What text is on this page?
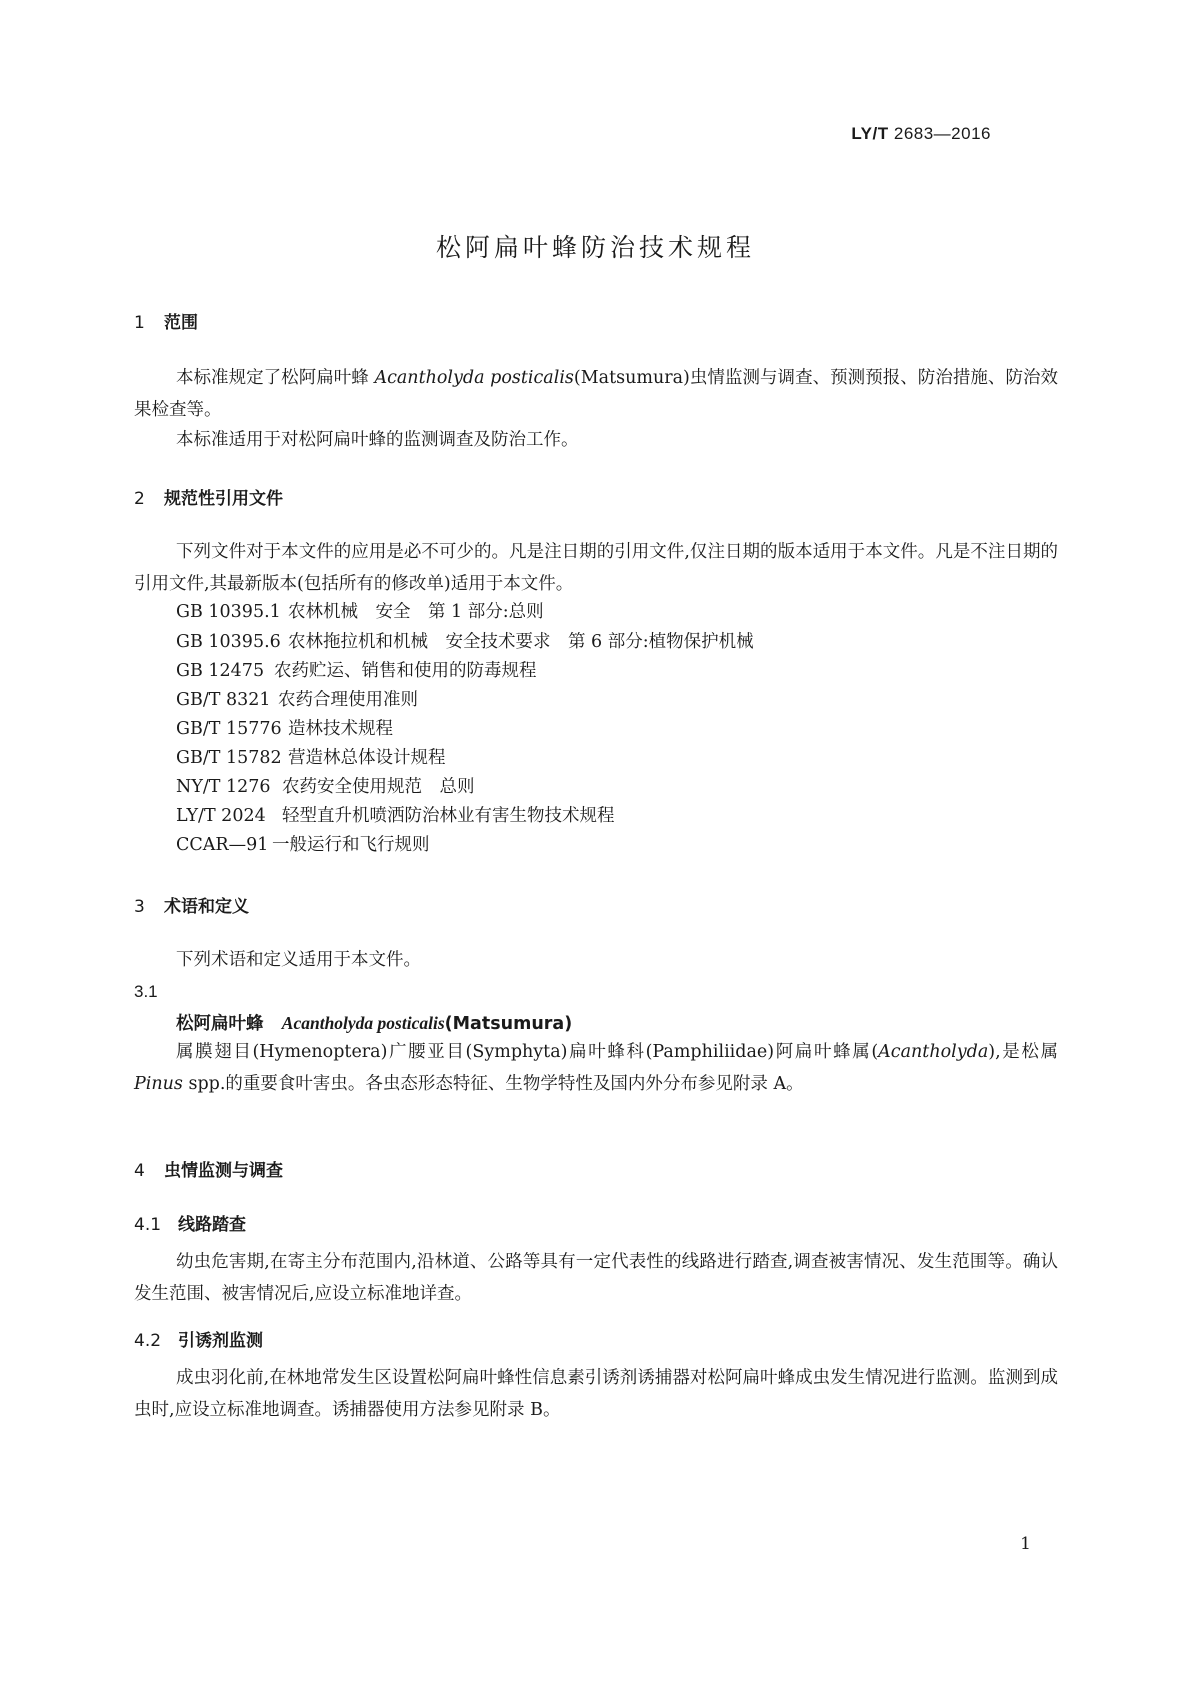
LY/T 2683—2016
松阿扁叶蜂防治技术规程
1 范围
本标准规定了松阿扁叶蜂 Acantholyda posticalis(Matsumura)虫情监测与调查、预测预报、防治措施、防治效果检查等。
本标准适用于对松阿扁叶蜂的监测调查及防治工作。
2 规范性引用文件
下列文件对于本文件的应用是必不可少的。凡是注日期的引用文件,仅注日期的版本适用于本文件。凡是不注日期的引用文件,其最新版本(包括所有的修改单)适用于本文件。
GB 10395.1 农林机械　安全　第 1 部分:总则
GB 10395.6 农林拖拉机和机械　安全技术要求　第 6 部分:植物保护机械
GB 12475 农药贮运、销售和使用的防毒规程
GB/T 8321 农药合理使用准则
GB/T 15776 造林技术规程
GB/T 15782 营造林总体设计规程
NY/T 1276 农药安全使用规范　总则
LY/T 2024 轻型直升机喷洒防治林业有害生物技术规程
CCAR—91 一般运行和飞行规则
3 术语和定义
下列术语和定义适用于本文件。
3.1
松阿扁叶蜂 Acantholyda posticalis(Matsumura)
属膜翅目(Hymenoptera)广腰亚目(Symphyta)扁叶蜂科(Pamphiliidae)阿扁叶蜂属(Acantholyda),是松属 Pinus spp.的重要食叶害虫。各虫态形态特征、生物学特性及国内外分布参见附录 A。
4 虫情监测与调查
4.1 线路踏查
幼虫危害期,在寄主分布范围内,沿林道、公路等具有一定代表性的线路进行踏查,调查被害情况、发生范围等。确认发生范围、被害情况后,应设立标准地详查。
4.2 引诱剂监测
成虫羽化前,在林地常发生区设置松阿扁叶蜂性信息素引诱剂诱捕器对松阿扁叶蜂成虫发生情况进行监测。监测到成虫时,应设立标准地调查。诱捕器使用方法参见附录 B。
1
